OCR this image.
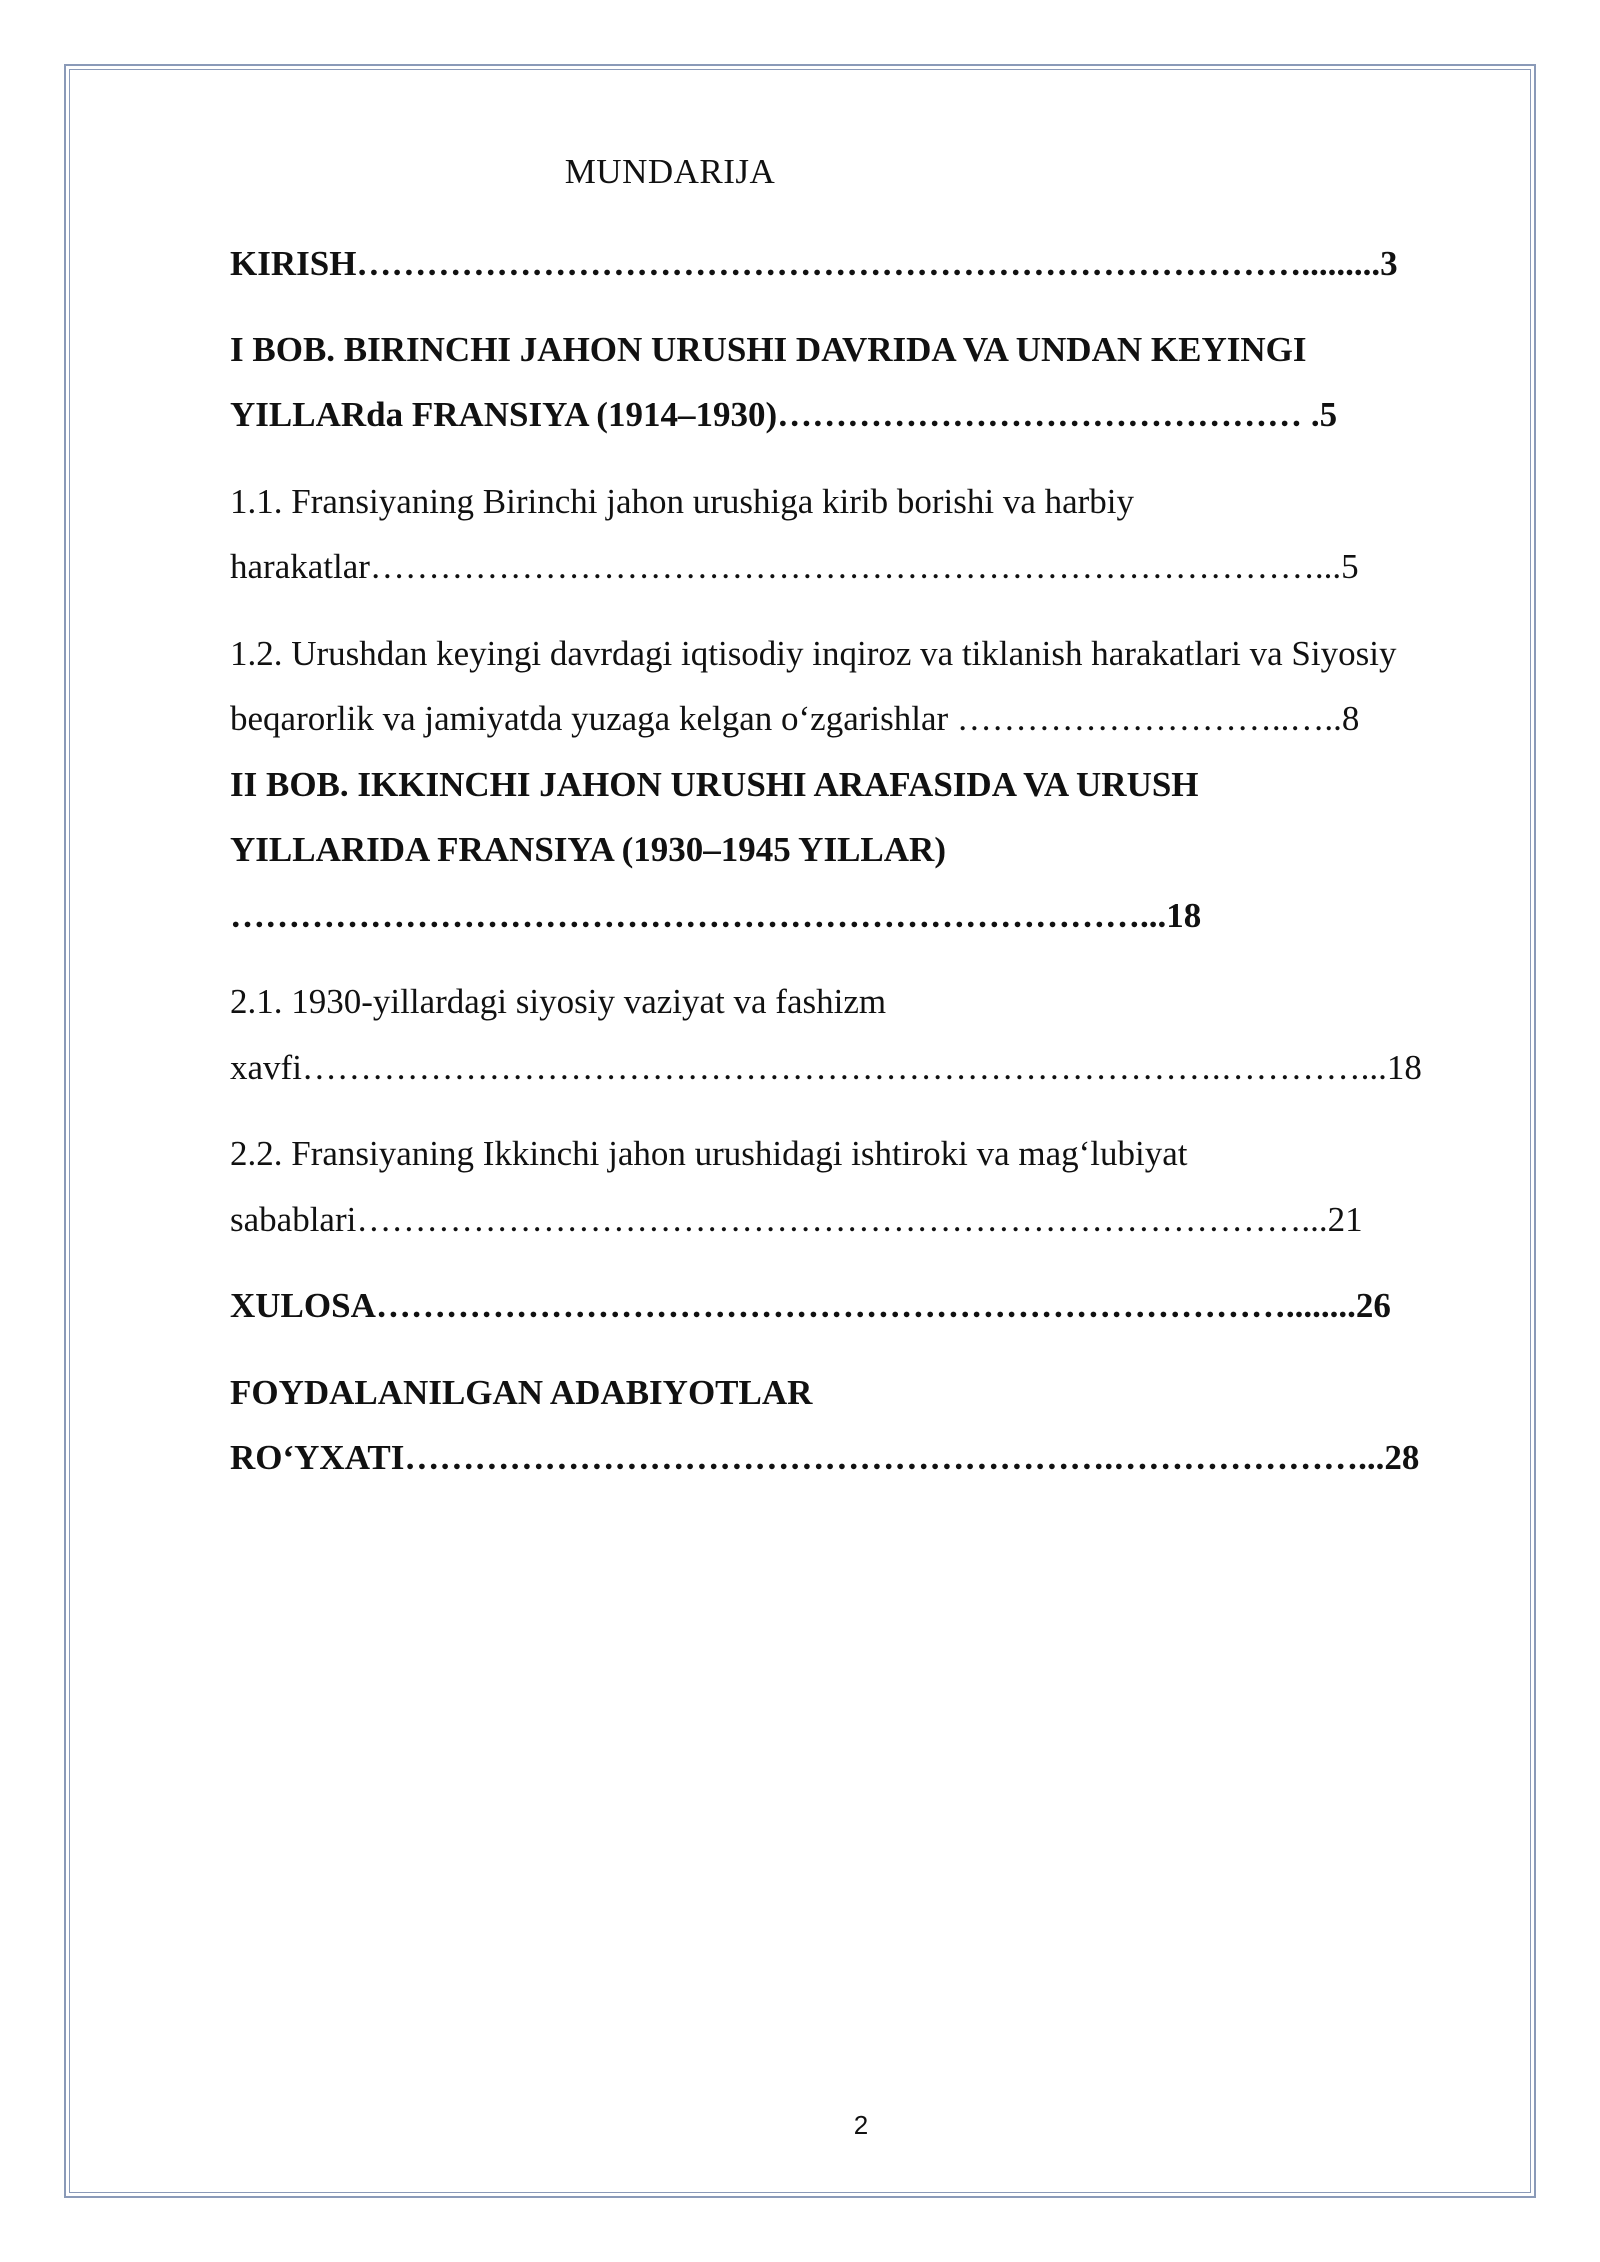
MUNDARIJA
KIRISH……………………………………………………………………….........3
I BOB. BIRINCHI JAHON URUSHI DAVRIDA VA UNDAN KEYINGI
YILLARda FRANSIYA (1914–1930)……………………………………… .5
1.1. Fransiyaning Birinchi jahon urushiga kirib borishi va harbiy
harakatlar………………………………………………………………………...5
1.2. Urushdan keyingi davrdagi iqtisodiy inqiroz va tiklanish harakatlari va Siyosiy
beqarorlik va jamiyatda yuzaga kelgan o‘zgarishlar ………………………..…..8
II BOB. IKKINCHI JAHON URUSHI ARAFASIDA VA URUSH
YILLARIDA FRANSIYA (1930–1945 YILLAR)
……………………………………………………………………...18
2.1. 1930-yillardagi siyosiy vaziyat va fashizm
xavfi…………………………………………………………………….…………...18
2.2. Fransiyaning Ikkinchi jahon urushidagi ishtiroki va mag‘lubiyat
sabablari………………………………………………………………………...21
XULOSA……………………………………………………………………........26
FOYDALANILGAN ADABIYOTLAR
RO‘YXATI…………………………………………………….…………………...28
2
